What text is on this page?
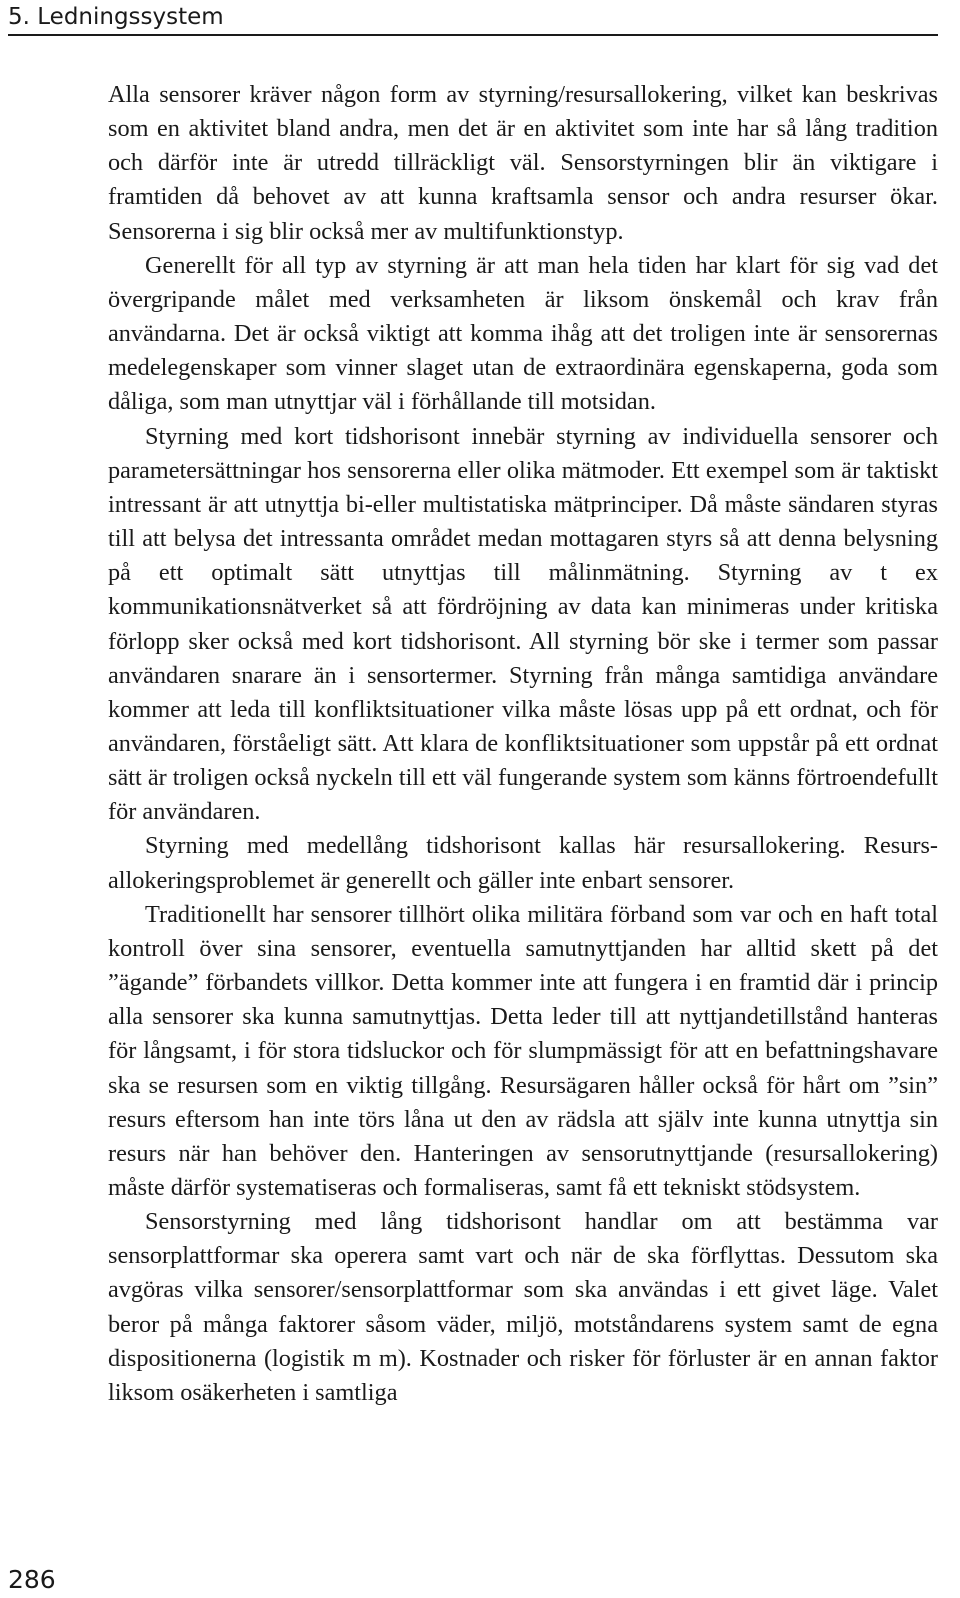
5. Ledningssystem

Alla sensorer kräver någon form av styrning/resursallokering, vilket kan beskrivas som en aktivitet bland andra, men det är en aktivitet som inte har så lång tradition och därför inte är utredd tillräckligt väl. Sensorstyrningen blir än viktigare i framtiden då behovet av att kunna kraftsamla sensor och andra resurser ökar. Sensorerna i sig blir också mer av multifunktionstyp.

Generellt för all typ av styrning är att man hela tiden har klart för sig vad det övergripande målet med verksamheten är liksom önskemål och krav från användarna. Det är också viktigt att komma ihåg att det troligen inte är sensorernas medelegenskaper som vinner slaget utan de extraordinära egenskaperna, goda som dåliga, som man utnyttjar väl i förhållande till motsidan.

Styrning med kort tidshorisont innebär styrning av individuella sensorer och parametersättningar hos sensorerna eller olika mätmoder. Ett exempel som är taktiskt intressant är att utnyttja bi-eller multistatiska mätprinciper. Då måste sändaren styras till att belysa det intressanta området medan mottagaren styrs så att denna belysning på ett optimalt sätt utnyttjas till målinmätning. Styrning av t ex kommunikationsnätverket så att fördröjning av data kan minimeras under kritiska förlopp sker också med kort tidshorisont. All styrning bör ske i termer som passar användaren snarare än i sensortermer. Styrning från många samtidiga användare kommer att leda till konfliktsituationer vilka måste lösas upp på ett ordnat, och för användaren, förståeligt sätt. Att klara de konfliktsituationer som uppstår på ett ordnat sätt är troligen också nyckeln till ett väl fungerande system som känns förtroendefullt för användaren.

Styrning med medellång tidshorisont kallas här resursallokering. Resursallokeringsproblemet är generellt och gäller inte enbart sensorer.

Traditionellt har sensorer tillhört olika militära förband som var och en haft total kontroll över sina sensorer, eventuella samutnyttjanden har alltid skett på det ”ägande” förbandets villkor. Detta kommer inte att fungera i en framtid där i princip alla sensorer ska kunna samutnyttjas. Detta leder till att nyttjandetillstånd hanteras för långsamt, i för stora tidsluckor och för slumpmässigt för att en befattningshavare ska se resursen som en viktig tillgång. Resursägaren håller också för hårt om ”sin” resurs eftersom han inte törs låna ut den av rädsla att själv inte kunna utnyttja sin resurs när han behöver den. Hanteringen av sensorutnyttjande (resursallokering) måste därför systematiseras och formaliseras, samt få ett tekniskt stödsystem.

Sensorstyrning med lång tidshorisont handlar om att bestämma var sensorplattformar ska operera samt vart och när de ska förflyttas. Dessutom ska avgöras vilka sensorer/sensorplattformar som ska användas i ett givet läge. Valet beror på många faktorer såsom väder, miljö, motståndarens system samt de egna dispositionerna (logistik m m). Kostnader och risker för förluster är en annan faktor liksom osäkerheten i samtliga

286
